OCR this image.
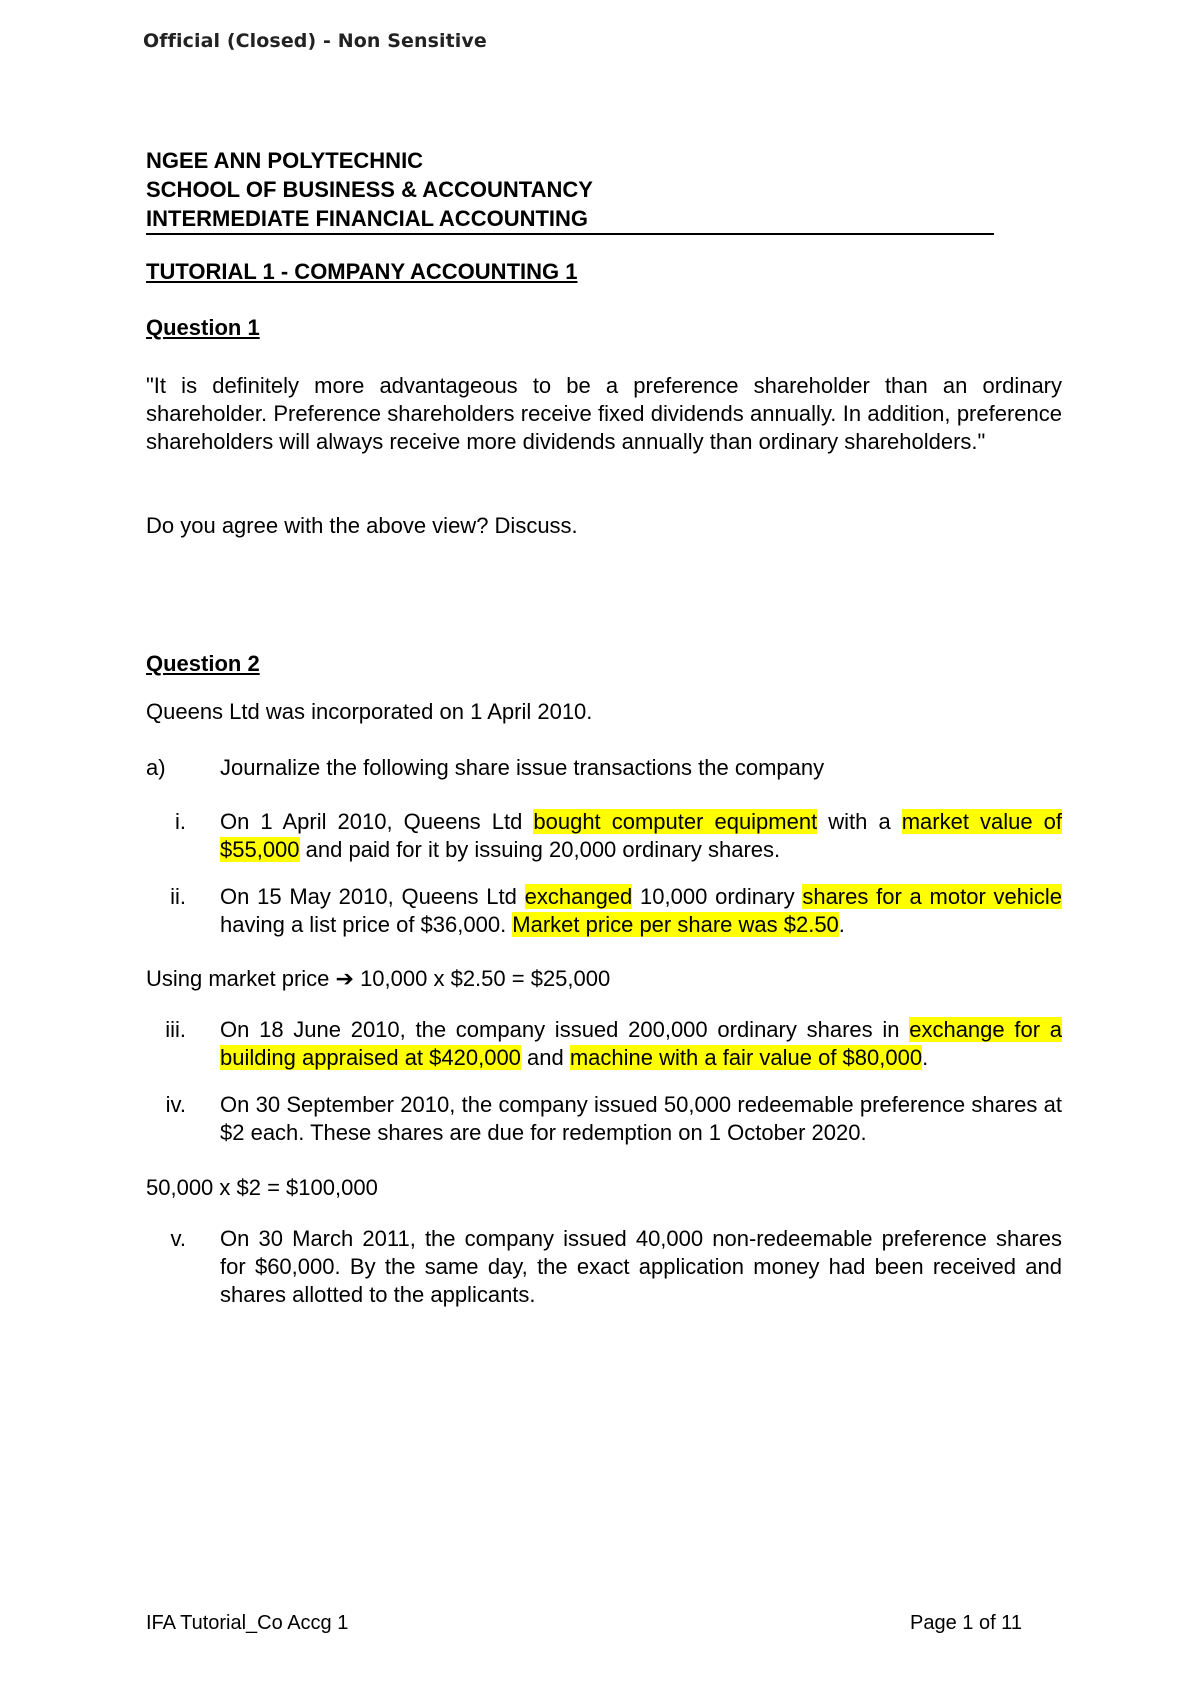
Official (Closed) - Non Sensitive
NGEE ANN POLYTECHNIC
SCHOOL OF BUSINESS & ACCOUNTANCY
INTERMEDIATE FINANCIAL ACCOUNTING
TUTORIAL 1 - COMPANY ACCOUNTING 1
Question 1
"It is definitely more advantageous to be a preference shareholder than an ordinary shareholder. Preference shareholders receive fixed dividends annually. In addition, preference shareholders will always receive more dividends annually than ordinary shareholders."
Do you agree with the above view? Discuss.
Question 2
Queens Ltd was incorporated on 1 April 2010.
a) Journalize the following share issue transactions the company
i. On 1 April 2010, Queens Ltd bought computer equipment with a market value of $55,000 and paid for it by issuing 20,000 ordinary shares.
ii. On 15 May 2010, Queens Ltd exchanged 10,000 ordinary shares for a motor vehicle having a list price of $36,000. Market price per share was $2.50.
Using market price ➔ 10,000 x $2.50 = $25,000
iii. On 18 June 2010, the company issued 200,000 ordinary shares in exchange for a building appraised at $420,000 and machine with a fair value of $80,000.
iv. On 30 September 2010, the company issued 50,000 redeemable preference shares at $2 each. These shares are due for redemption on 1 October 2020.
50,000 x $2 = $100,000
v. On 30 March 2011, the company issued 40,000 non-redeemable preference shares for $60,000. By the same day, the exact application money had been received and shares allotted to the applicants.
IFA Tutorial_Co Accg 1	Page 1 of 11
